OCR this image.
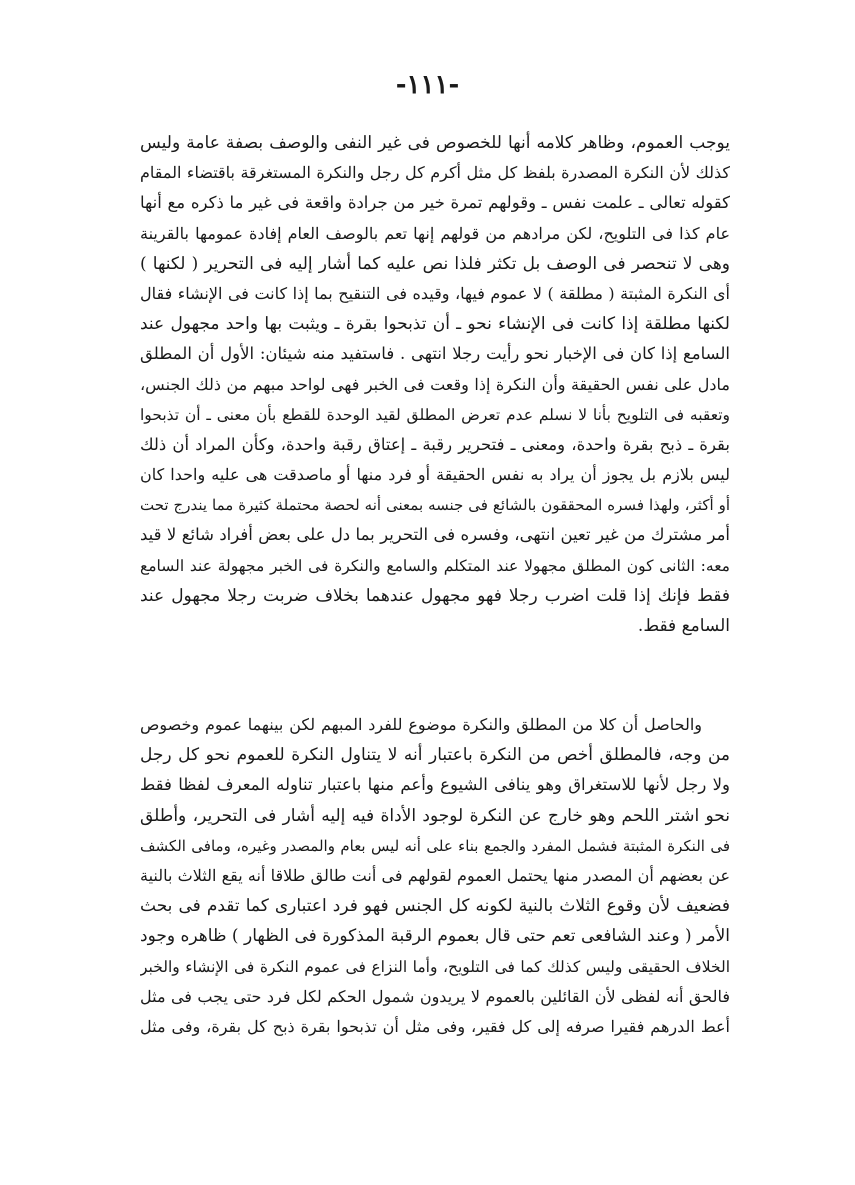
-١١١-
يوجب العموم، وظاهر كلامه أنها للخصوص فى غير النفى والوصف بصفة عامة وليس
كذلك لأن النكرة المصدرة بلفظ كل مثل أكرم كل رجل والنكرة المستغرقة باقتضاء المقام
كقوله تعالى ـ علمت نفس ـ وقولهم تمرة خير من جرادة واقعة فى غير ما ذكره مع أنها
عام كذا فى التلويح، لكن مرادهم من قولهم إنها تعم بالوصف العام إفادة عمومها بالقرينة
وهى لا تنحصر فى الوصف بل تكثر فلذا نص عليه كما أشار إليه فى التحرير ( لكنها )
أى النكرة المثبتة ( مطلقة ) لا عموم فيها، وقيده فى التنقيح بما إذا كانت فى الإنشاء فقال
لكنها مطلقة إذا كانت فى الإنشاء نحو ـ أن تذبحوا بقرة ـ ويثبت بها واحد مجهول عند
السامع إذا كان فى الإخبار نحو رأيت رجلا انتهى . فاستفيد منه شيئان: الأول أن المطلق
مادل على نفس الحقيقة وأن النكرة إذا وقعت فى الخبر فهى لواحد مبهم من ذلك الجنس،
وتعقبه فى التلويح بأنا لا نسلم عدم تعرض المطلق لقيد الوحدة للقطع بأن معنى ـ أن تذبحوا
بقرة ـ ذبح بقرة واحدة، ومعنى ـ فتحرير رقبة ـ إعتاق رقبة واحدة، وكأن المراد أن ذلك
ليس بلازم بل يجوز أن يراد به نفس الحقيقة أو فرد منها أو ماصدقت هى عليه واحدا كان
أو أكثر، ولهذا فسره المحققون بالشائع فى جنسه بمعنى أنه لحصة محتملة كثيرة مما يندرج تحت
أمر مشترك من غير تعين انتهى، وفسره فى التحرير بما دل على بعض أفراد شائع لا قيد
معه: الثانى كون المطلق مجهولا عند المتكلم والسامع والنكرة فى الخبر مجهولة عند السامع
فقط فإنك إذا قلت اضرب رجلا فهو مجهول عندهما بخلاف ضربت رجلا مجهول عند
السامع فقط.
والحاصل أن كلا من المطلق والنكرة موضوع للفرد المبهم لكن بينهما عموم وخصوص
من وجه، فالمطلق أخص من النكرة باعتبار أنه لا يتناول النكرة للعموم نحو كل رجل
ولا رجل لأنها للاستغراق وهو ينافى الشيوع وأعم منها باعتبار تناوله المعرف لفظا فقط
نحو اشتر اللحم وهو خارج عن النكرة لوجود الأداة فيه إليه أشار فى التحرير، وأطلق
فى النكرة المثبتة فشمل المفرد والجمع بناء على أنه ليس بعام والمصدر وغيره، ومافى الكشف
عن بعضهم أن المصدر منها يحتمل العموم لقولهم فى أنت طالق طلاقا أنه يقع الثلاث بالنية
فضعيف لأن وقوع الثلاث بالنية لكونه كل الجنس فهو فرد اعتبارى كما تقدم فى بحث
الأمر ( وعند الشافعى تعم حتى قال بعموم الرقبة المذكورة فى الظهار ) ظاهره وجود
الخلاف الحقيقى وليس كذلك كما فى التلويح، وأما النزاع فى عموم النكرة فى الإنشاء والخبر
فالحق أنه لفظى لأن القائلين بالعموم لا يريدون شمول الحكم لكل فرد حتى يجب فى مثل
أعط الدرهم فقيرا صرفه إلى كل فقير، وفى مثل أن تذبحوا بقرة ذبح كل بقرة، وفى مثل
